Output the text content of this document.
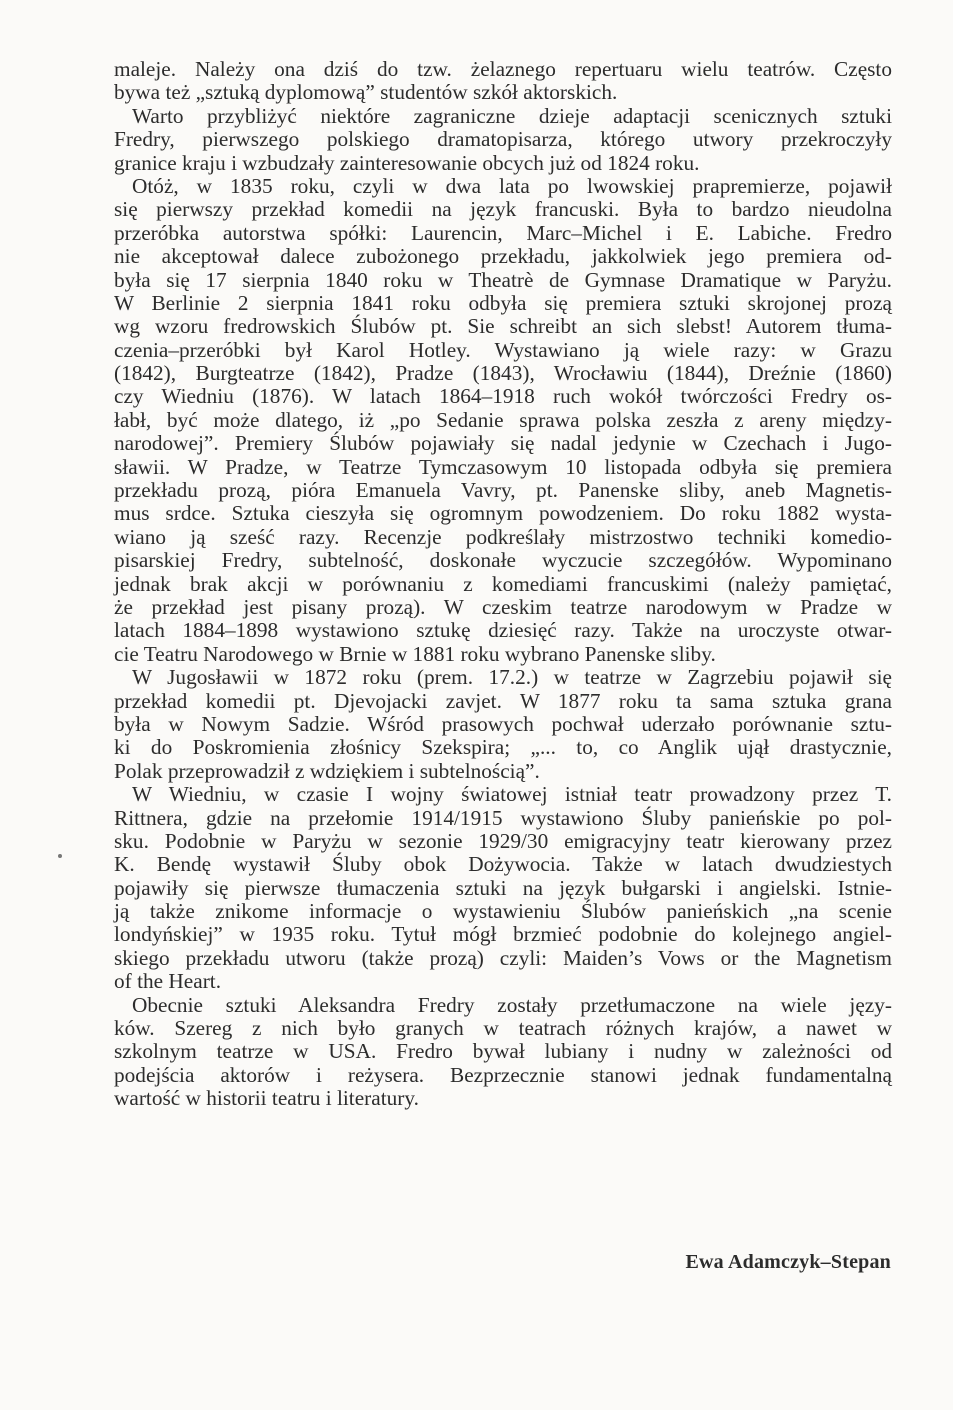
maleje. Należy ona dziś do tzw. żelaznego repertuaru wielu teatrów. Często
bywa też „sztuką dyplomową” studentów szkół aktorskich.
Warto przybliżyć niektóre zagraniczne dzieje adaptacji scenicznych sztuki
Fredry, pierwszego polskiego dramatopisarza, którego utwory przekroczyły
granice kraju i wzbudzały zainteresowanie obcych już od 1824 roku.
Otóż, w 1835 roku, czyli w dwa lata po lwowskiej prapremierze, pojawił
się pierwszy przekład komedii na język francuski. Była to bardzo nieudolna
przeróbka autorstwa spółki: Laurencin, Marc–Michel i E. Labiche. Fredro
nie akceptował dalece zubożonego przekładu, jakkolwiek jego premiera od-
była się 17 sierpnia 1840 roku w Theatrè de Gymnase Dramatique w Paryżu.
W Berlinie 2 sierpnia 1841 roku odbyła się premiera sztuki skrojonej prozą
wg wzoru fredrowskich Ślubów pt. Sie schreibt an sich slebst! Autorem tłuma-
czenia–przeróbki był Karol Hotley. Wystawiano ją wiele razy: w Grazu
(1842), Burgteatrze (1842), Pradze (1843), Wrocławiu (1844), Dreźnie (1860)
czy Wiedniu (1876). W latach 1864–1918 ruch wokół twórczości Fredry os-
łabł, być może dlatego, iż „po Sedanie sprawa polska zeszła z areny między-
narodowej”. Premiery Ślubów pojawiały się nadal jedynie w Czechach i Jugo-
sławii. W Pradze, w Teatrze Tymczasowym 10 listopada odbyła się premiera
przekładu prozą, pióra Emanuela Vavry, pt. Panenske sliby, aneb Magnetis-
mus srdce. Sztuka cieszyła się ogromnym powodzeniem. Do roku 1882 wysta-
wiano ją sześć razy. Recenzje podkreślały mistrzostwo techniki komedio-
pisarskiej Fredry, subtelność, doskonałe wyczucie szczegółów. Wypominano
jednak brak akcji w porównaniu z komediami francuskimi (należy pamiętać,
że przekład jest pisany prozą). W czeskim teatrze narodowym w Pradze w
latach 1884–1898 wystawiono sztukę dziesięć razy. Także na uroczyste otwar-
cie Teatru Narodowego w Brnie w 1881 roku wybrano Panenske sliby.
W Jugosławii w 1872 roku (prem. 17.2.) w teatrze w Zagrzebiu pojawił się
przekład komedii pt. Djevojacki zavjet. W 1877 roku ta sama sztuka grana
była w Nowym Sadzie. Wśród prasowych pochwał uderzało porównanie sztu-
ki do Poskromienia złośnicy Szekspira; „... to, co Anglik ujął drastycznie,
Polak przeprowadził z wdziękiem i subtelnością”.
W Wiedniu, w czasie I wojny światowej istniał teatr prowadzony przez T.
Rittnera, gdzie na przełomie 1914/1915 wystawiono Śluby panieńskie po pol-
sku. Podobnie w Paryżu w sezonie 1929/30 emigracyjny teatr kierowany przez
K. Bendę wystawił Śluby obok Dożywocia. Także w latach dwudziestych
pojawiły się pierwsze tłumaczenia sztuki na język bułgarski i angielski. Istnie-
ją także znikome informacje o wystawieniu Ślubów panieńskich „na scenie
londyńskiej” w 1935 roku. Tytuł mógł brzmieć podobnie do kolejnego angiel-
skiego przekładu utworu (także prozą) czyli: Maiden’s Vows or the Magnetism
of the Heart.
Obecnie sztuki Aleksandra Fredry zostały przetłumaczone na wiele języ-
ków. Szereg z nich było granych w teatrach różnych krajów, a nawet w
szkolnym teatrze w USA. Fredro bywał lubiany i nudny w zależności od
podejścia aktorów i reżysera. Bezprzecznie stanowi jednak fundamentalną
wartość w historii teatru i literatury.
Ewa Adamczyk–Stepan
